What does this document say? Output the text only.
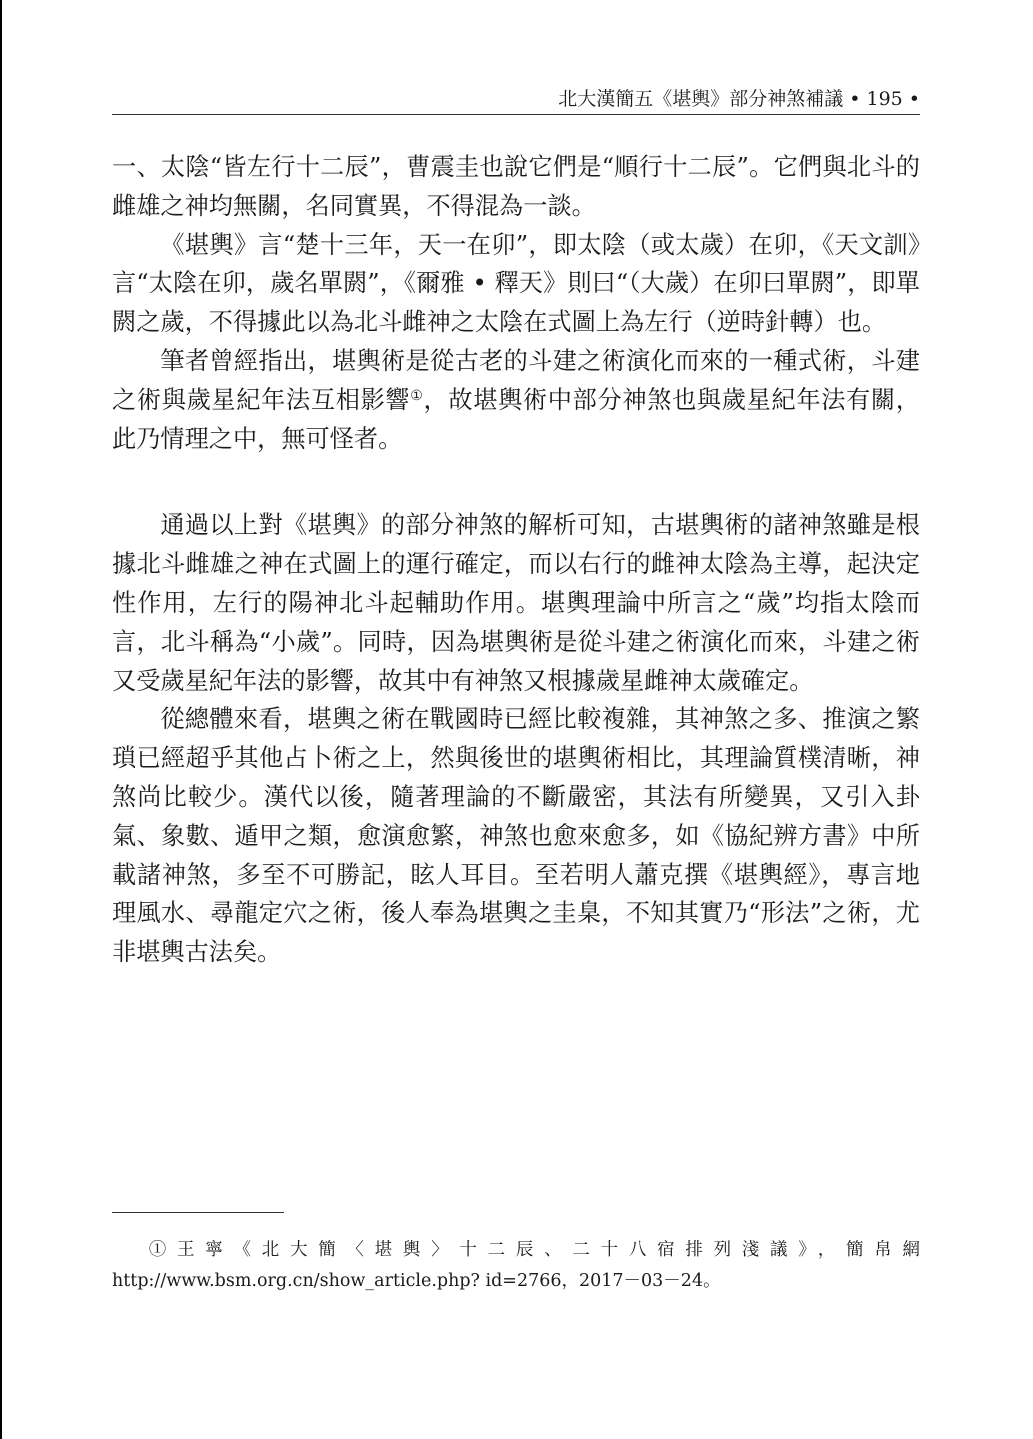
北大漢簡五《堪輿》部分神煞補議 • 195 •

一、太陰“皆左行十二辰”，曹震圭也說它們是“順行十二辰”。它們與北斗的雌雄之神均無關，名同實異，不得混為一談。

《堪輿》言“楚十三年，天一在卯”，即太陰（或太歲）在卯，《天文訓》言“太陰在卯，歲名單閼”，《爾雅 • 釋天》則曰“（大歲）在卯曰單閼”，即單閼之歲，不得據此以為北斗雌神之太陰在式圖上為左行（逆時針轉）也。

筆者曾經指出，堪輿術是從古老的斗建之術演化而來的一種式術，斗建之術與歲星紀年法互相影響①，故堪輿術中部分神煞也與歲星紀年法有關，此乃情理之中，無可怪者。

通過以上對《堪輿》的部分神煞的解析可知，古堪輿術的諸神煞雖是根據北斗雌雄之神在式圖上的運行確定，而以右行的雌神太陰為主導，起決定性作用，左行的陽神北斗起輔助作用。堪輿理論中所言之“歲”均指太陰而言，北斗稱為“小歲”。同時，因為堪輿術是從斗建之術演化而來，斗建之術又受歲星紀年法的影響，故其中有神煞又根據歲星雌神太歲確定。

從總體來看，堪輿之術在戰國時已經比較複雜，其神煞之多、推演之繁瑣已經超乎其他占卜術之上，然與後世的堪輿術相比，其理論質樸清晰，神煞尚比較少。漢代以後，隨著理論的不斷嚴密，其法有所變異，又引入卦氣、象數、遁甲之類，愈演愈繁，神煞也愈來愈多，如《協紀辨方書》中所載諸神煞，多至不可勝記，眩人耳目。至若明人蕭克撰《堪輿經》，專言地理風水、尋龍定穴之術，後人奉為堪輿之圭臬，不知其實乃“形法”之術，尤非堪輿古法矣。

①王寧《北大簡〈堪輿〉十二辰、二十八宿排列淺議》，簡帛網 http://www.bsm.org.cn/show_article.php? id=2766，2017－03－24。
